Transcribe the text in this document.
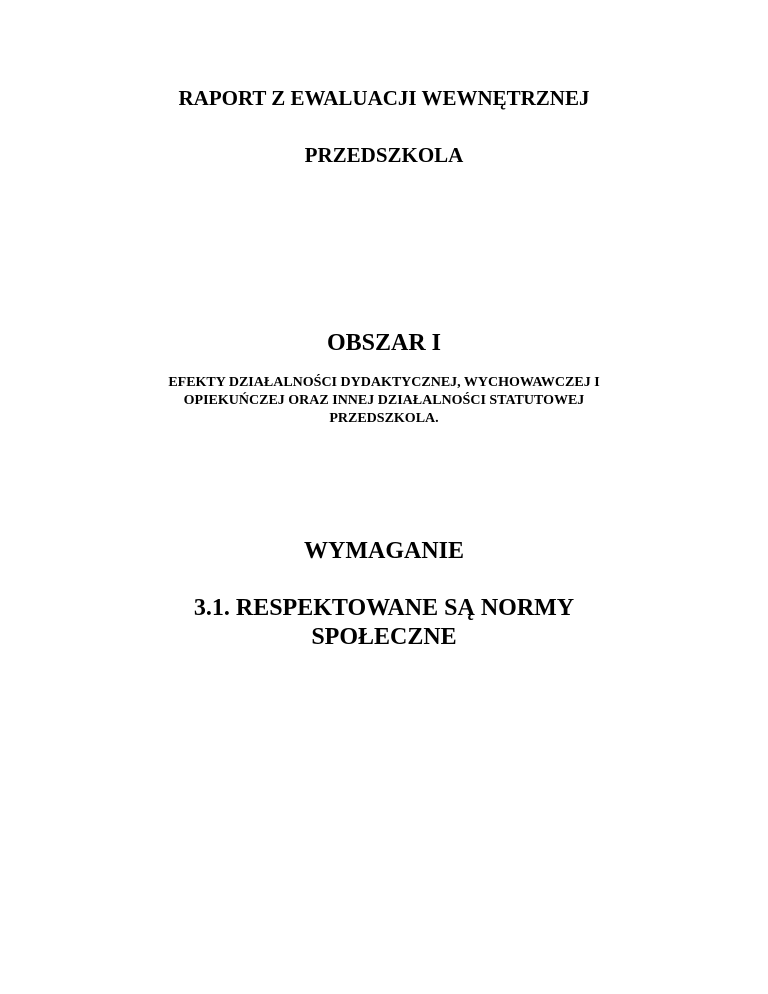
RAPORT Z EWALUACJI WEWNĘTRZNEJ

PRZEDSZKOLA

OBSZAR I

EFEKTY DZIAŁALNOŚCI DYDAKTYCZNEJ, WYCHOWAWCZEJ I
OPIEKUŃCZEJ ORAZ INNEJ DZIAŁALNOŚCI STATUTOWEJ
PRZEDSZKOLA.

WYMAGANIE

3.1. RESPEKTOWANE SĄ NORMY
SPOŁECZNE
